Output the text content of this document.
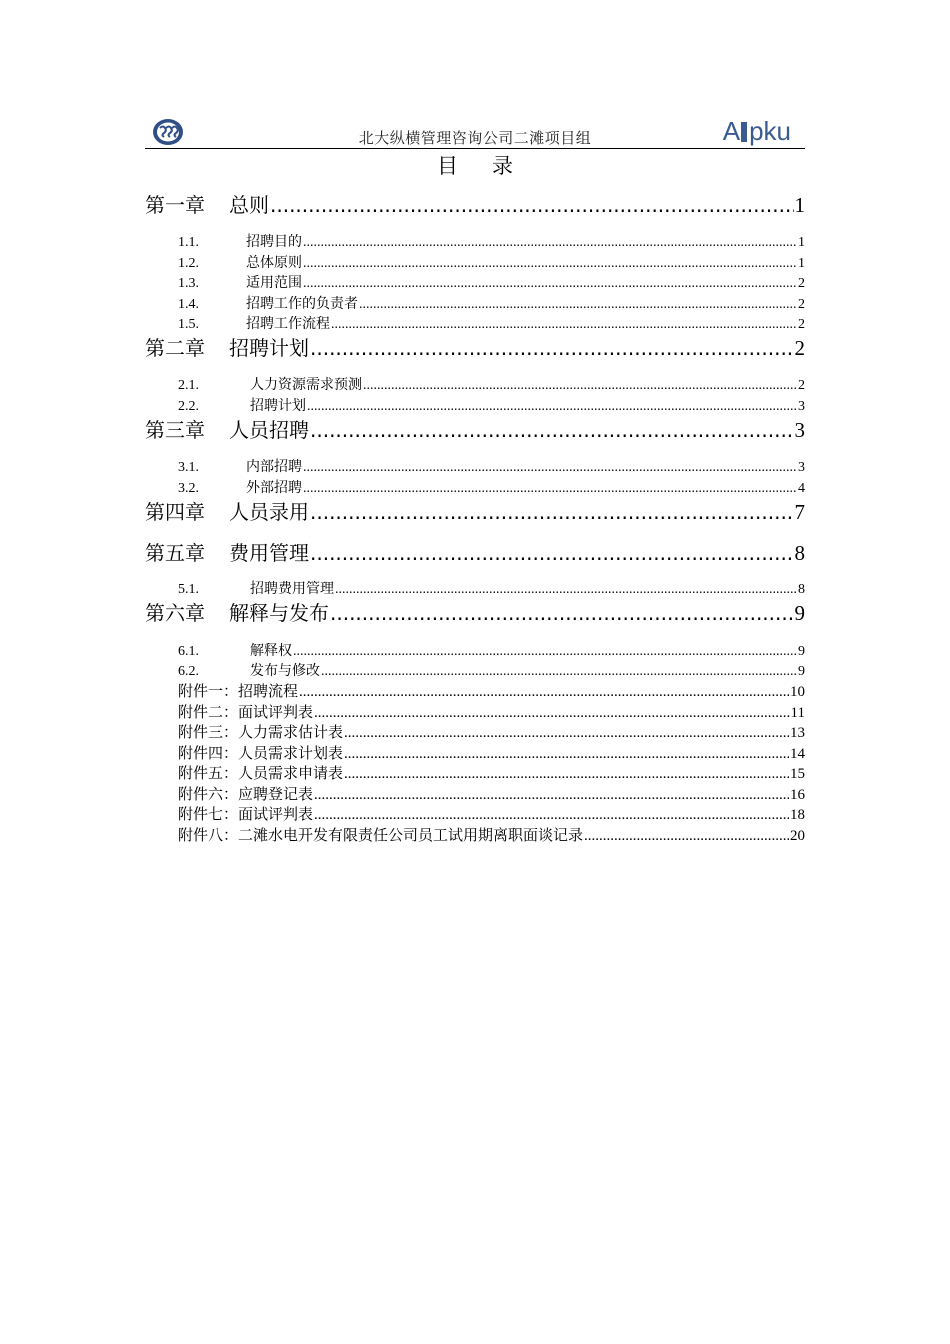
北大纵横管理咨询公司二滩项目组	A pku
目录
第一章	总则 .....	1
1.1.	招聘目的 .....	1
1.2.	总体原则 .....	1
1.3.	适用范围 .....	2
1.4.	招聘工作的负责者 .....	2
1.5.	招聘工作流程 .....	2
第二章	招聘计划 .....	2
2.1.	人力资源需求预测 .....	2
2.2.	招聘计划 .....	3
第三章	人员招聘 .....	3
3.1.	内部招聘 .....	3
3.2.	外部招聘 .....	4
第四章	人员录用 .....	7
第五章	费用管理 .....	8
5.1.	招聘费用管理 .....	8
第六章	解释与发布 .....	9
6.1.	解释权 .....	9
6.2.	发布与修改 .....	9
附件一：招聘流程 .....	10
附件二：面试评判表 .....	11
附件三：人力需求估计表 .....	13
附件四：人员需求计划表 .....	14
附件五：人员需求申请表 .....	15
附件六：应聘登记表 .....	16
附件七：面试评判表 .....	18
附件八：二滩水电开发有限责任公司员工试用期离职面谈记录 .....	20
